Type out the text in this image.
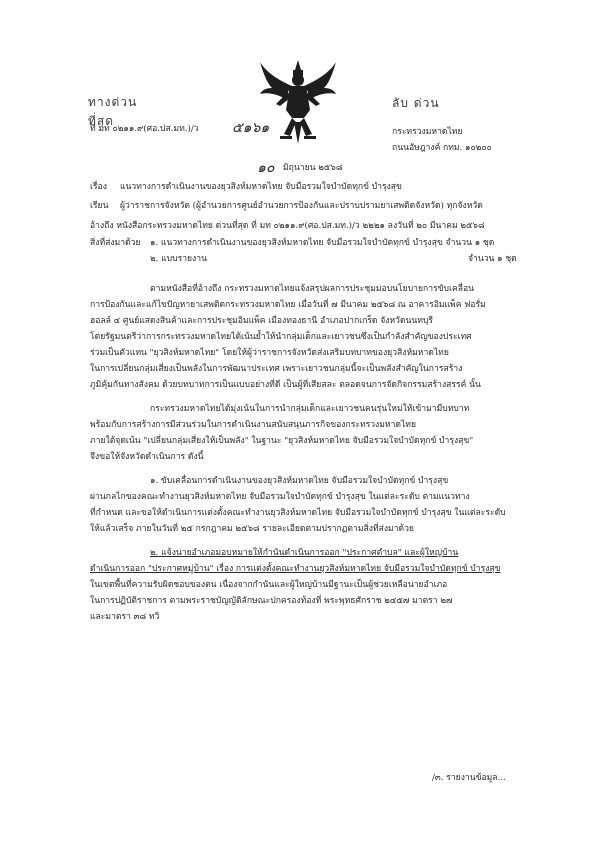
ทางด่วนที่สุด
ลับ ด่วน
ที่ มท ๐๒๑๑.๙(ศอ.ปส.มท.)/ว ๕๑๖๑	กระทรวงมหาดไทย
ถนนอัษฎางค์ กทม. ๑๐๒๐๐
๑๐ มิถุนายน ๒๕๖๘
เรื่อง แนวทางการดำเนินงานของยุวสิงห์มหาดไทย จับมือรวมใจบำบัดทุกข์ บำรุงสุข
เรียน ผู้ว่าราชการจังหวัด (ผู้อำนวยการศูนย์อำนวยการป้องกันและปราบปรามยาเสพติดจังหวัด) ทุกจังหวัด
อ้างถึง หนังสือกระทรวงมหาดไทย ด่วนที่สุด ที่ มท ๐๒๑๑.๙(ศอ.ปส.มท.)/ว ๒๒๒๑ ลงวันที่ ๒๐ มีนาคม ๒๕๖๘
สิ่งที่ส่งมาด้วย ๑. แนวทางการดำเนินงานของยุวสิงห์มหาดไทย จับมือรวมใจบำบัดทุกข์ บำรุงสุข จำนวน ๑ ชุด
๒. แบบรายงาน	จำนวน ๑ ชุด
ตามหนังสือที่อ้างถึง กระทรวงมหาดไทยแจ้งสรุปผลการประชุมมอบนโยบายการขับเคลื่อน
การป้องกันและแก้ไขปัญหายาเสพติดกระทรวงมหาดไทย เมื่อวันที่ ๗ มีนาคม ๒๕๖๘ ณ อาคารอิมแพ็ค ฟอรั่ม
ฮอลล์ ๔ ศูนย์แสดงสินค้าและการประชุมอิมแพ็ค เมืองทองธานี อำเภอปากเกร็ด จังหวัดนนทบุรี
โดยรัฐมนตรีว่าการกระทรวงมหาดไทยได้เน้นย้ำให้นำกลุ่มเด็กและเยาวชนซึ่งเป็นกำลังสำคัญของประเทศ
ร่วมเป็นตัวแทน "ยุวสิงห์มหาดไทย" โดยให้ผู้ว่าราชการจังหวัดส่งเสริมบทบาทของยุวสิงห์มหาดไทย
ในการเปลี่ยนกลุ่มเสี่ยงเป็นพลังในการพัฒนาประเทศ เพราะเยาวชนกลุ่มนี้จะเป็นพลังสำคัญในการสร้าง
ภูมิคุ้มกันทางสังคม ด้วยบทบาทการเป็นแบบอย่างที่ดี เป็นผู้ที่เสียสละ ตลอดจนการจัดกิจกรรมสร้างสรรค์ นั้น
กระทรวงมหาดไทยได้มุ่งเน้นในการนำกลุ่มเด็กและเยาวชนคนรุ่นใหม่ให้เข้ามามีบทบาท
พร้อมกับการสร้างการมีส่วนร่วมในการดำเนินงานสนับสนุนภารกิจของกระทรวงมหาดไทย
ภายใต้จุดเน้น "เปลี่ยนกลุ่มเสี่ยงให้เป็นพลัง" ในฐานะ "ยุวสิงห์มหาดไทย จับมือรวมใจบำบัดทุกข์ บำรุงสุข"
จึงขอให้จังหวัดดำเนินการ ดังนี้
๑. ขับเคลื่อนการดำเนินงานของยุวสิงห์มหาดไทย จับมือรวมใจบำบัดทุกข์ บำรุงสุข
ผ่านกลไกของคณะทำงานยุวสิงห์มหาดไทย จับมือรวมใจบำบัดทุกข์ บำรุงสุข ในแต่ละระดับ ตามแนวทาง
ที่กำหนด และขอให้ดำเนินการแต่งตั้งคณะทำงานยุวสิงห์มหาดไทย จับมือรวมใจบำบัดทุกข์ บำรุงสุข ในแต่ละระดับ
ให้แล้วเสร็จ ภายในวันที่ ๒๕ กรกฎาคม ๒๕๖๘ รายละเอียดตามปรากฏตามสิ่งที่ส่งมาด้วย
๒. แจ้งนายอำเภอมอบหมายให้กำนันดำเนินการออก "ประกาศตำบล" และผู้ใหญ่บ้าน
ดำเนินการออก "ประกาศหมู่บ้าน" เรื่อง การแต่งตั้งคณะทำงานยุวสิงห์มหาดไทย จับมือรวมใจบำบัดทุกข์ บำรุงสุข
ในเขตพื้นที่ความรับผิดชอบของตน เนื่องจากกำนันและผู้ใหญ่บ้านมีฐานะเป็นผู้ช่วยเหลือนายอำเภอ
ในการปฏิบัติราชการ ตามพระราชบัญญัติลักษณะปกครองท้องที่ พระพุทธศักราช ๒๔๕๗ มาตรา ๒๗
และมาตรา ๓๘ ทวิ
/๓. รายงานข้อมูล...
